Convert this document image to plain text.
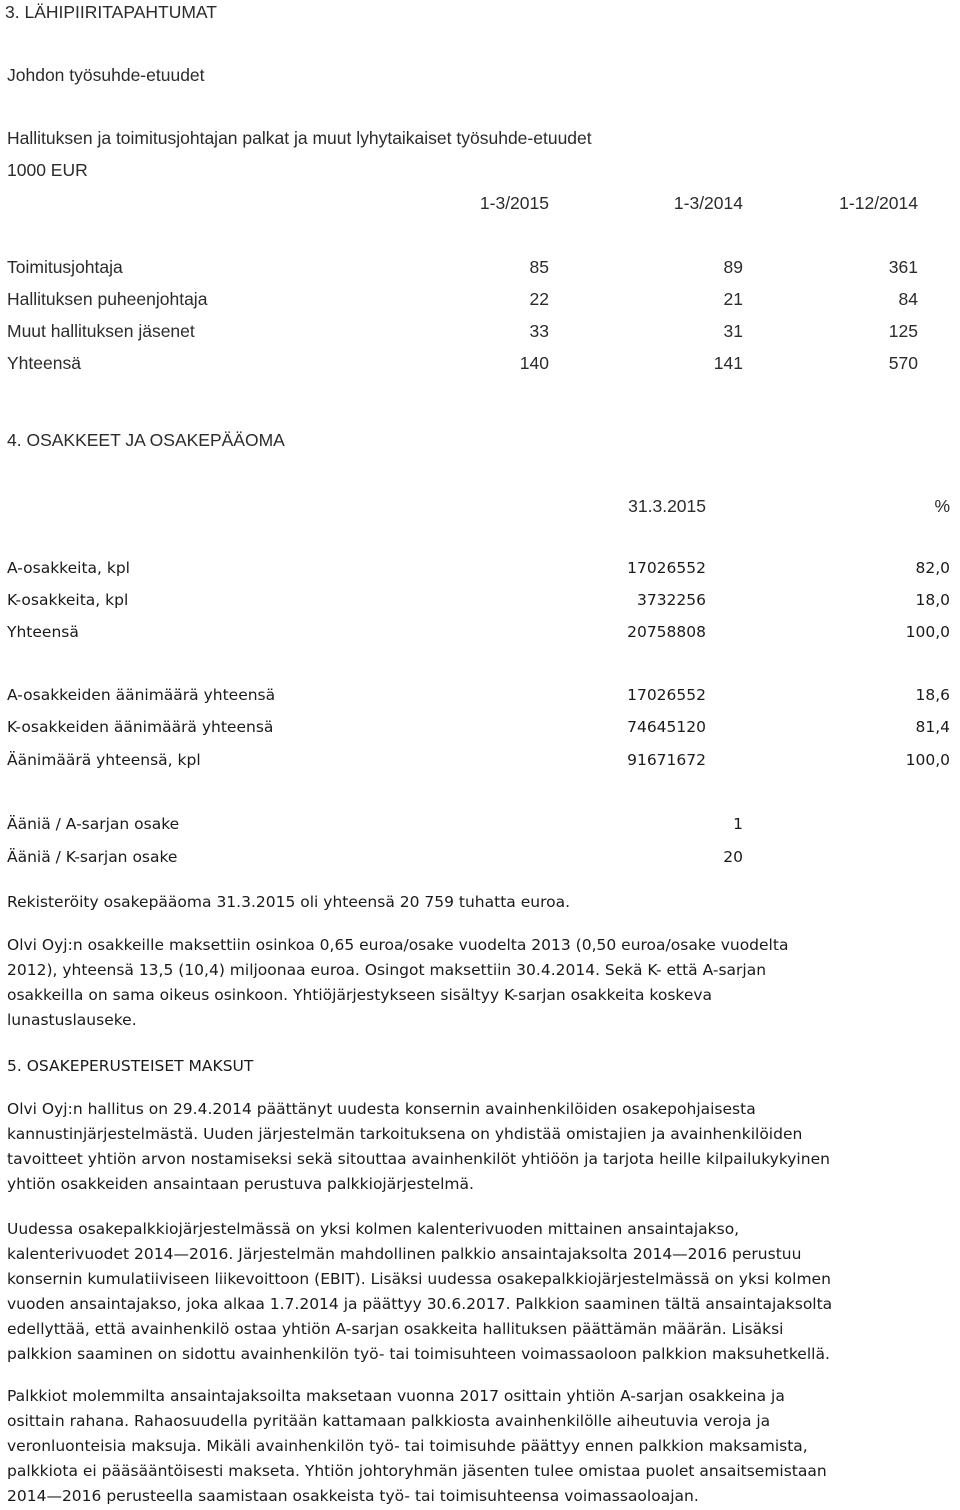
3. LÄHIPIIRITAPAHTUMAT
Johdon työsuhde-etuudet
Hallituksen ja toimitusjohtajan palkat ja muut lyhytaikaiset työsuhde-etuudet
1000 EUR
1-3/2015	1-3/2014	1-12/2014
Toimitusjohtaja	85	89	361
Hallituksen puheenjohtaja	22	21	84
Muut hallituksen jäsenet	33	31	125
Yhteensä	140	141	570
4. OSAKKEET JA OSAKEPÄÄOMA
31.3.2015	%
A-osakkeita, kpl	17026552	82,0
K-osakkeita, kpl	3732256	18,0
Yhteensä	20758808	100,0
A-osakkeiden äänimäärä yhteensä	17026552	18,6
K-osakkeiden äänimäärä yhteensä	74645120	81,4
Äänimäärä yhteensä, kpl	91671672	100,0
Ääniä / A-sarjan osake	1
Ääniä / K-sarjan osake	20
Rekisteröity osakepääoma 31.3.2015 oli yhteensä 20 759 tuhatta euroa.
Olvi Oyj:n osakkeille maksettiin osinkoa 0,65 euroa/osake vuodelta 2013 (0,50 euroa/osake vuodelta
2012), yhteensä 13,5 (10,4) miljoonaa euroa. Osingot maksettiin 30.4.2014. Sekä K- että A-sarjan
osakkeilla on sama oikeus osinkoon. Yhtiöjärjestykseen sisältyy K-sarjan osakkeita koskeva
lunastuslauseke.
5. OSAKEPERUSTEISET MAKSUT
Olvi Oyj:n hallitus on 29.4.2014 päättänyt uudesta konsernin avainhenkilöiden osakepohjaisesta
kannustinjärjestelmästä. Uuden järjestelmän tarkoituksena on yhdistää omistajien ja avainhenkilöiden
tavoitteet yhtiön arvon nostamiseksi sekä sitouttaa avainhenkilöt yhtiöön ja tarjota heille kilpailukykyinen
yhtiön osakkeiden ansaintaan perustuva palkkiojärjestelmä.
Uudessa osakepalkkiojärjestelmässä on yksi kolmen kalenterivuoden mittainen ansaintajakso,
kalenterivuodet 2014—2016. Järjestelmän mahdollinen palkkio ansaintajaksolta 2014—2016 perustuu
konsernin kumulatiiviseen liikevoittoon (EBIT). Lisäksi uudessa osakepalkkiojärjestelmässä on yksi kolmen
vuoden ansaintajakso, joka alkaa 1.7.2014 ja päättyy 30.6.2017. Palkkion saaminen tältä ansaintajaksolta
edellyttää, että avainhenkilö ostaa yhtiön A-sarjan osakkeita hallituksen päättämän määrän. Lisäksi
palkkion saaminen on sidottu avainhenkilön työ- tai toimisuhteen voimassaoloon palkkion maksuhetkellä.
Palkkiot molemmilta ansaintajaksoilta maksetaan vuonna 2017 osittain yhtiön A-sarjan osakkeina ja
osittain rahana. Rahaosuudella pyritään kattamaan palkkiosta avainhenkilölle aiheutuvia veroja ja
veronluonteisia maksuja. Mikäli avainhenkilön työ- tai toimisuhde päättyy ennen palkkion maksamista,
palkkiota ei pääsääntöisesti makseta. Yhtiön johtoryhmän jäsenten tulee omistaa puolet ansaitsemistaan
2014—2016 perusteella saamistaan osakkeista työ- tai toimisuhteensa voimassaoloajan.
